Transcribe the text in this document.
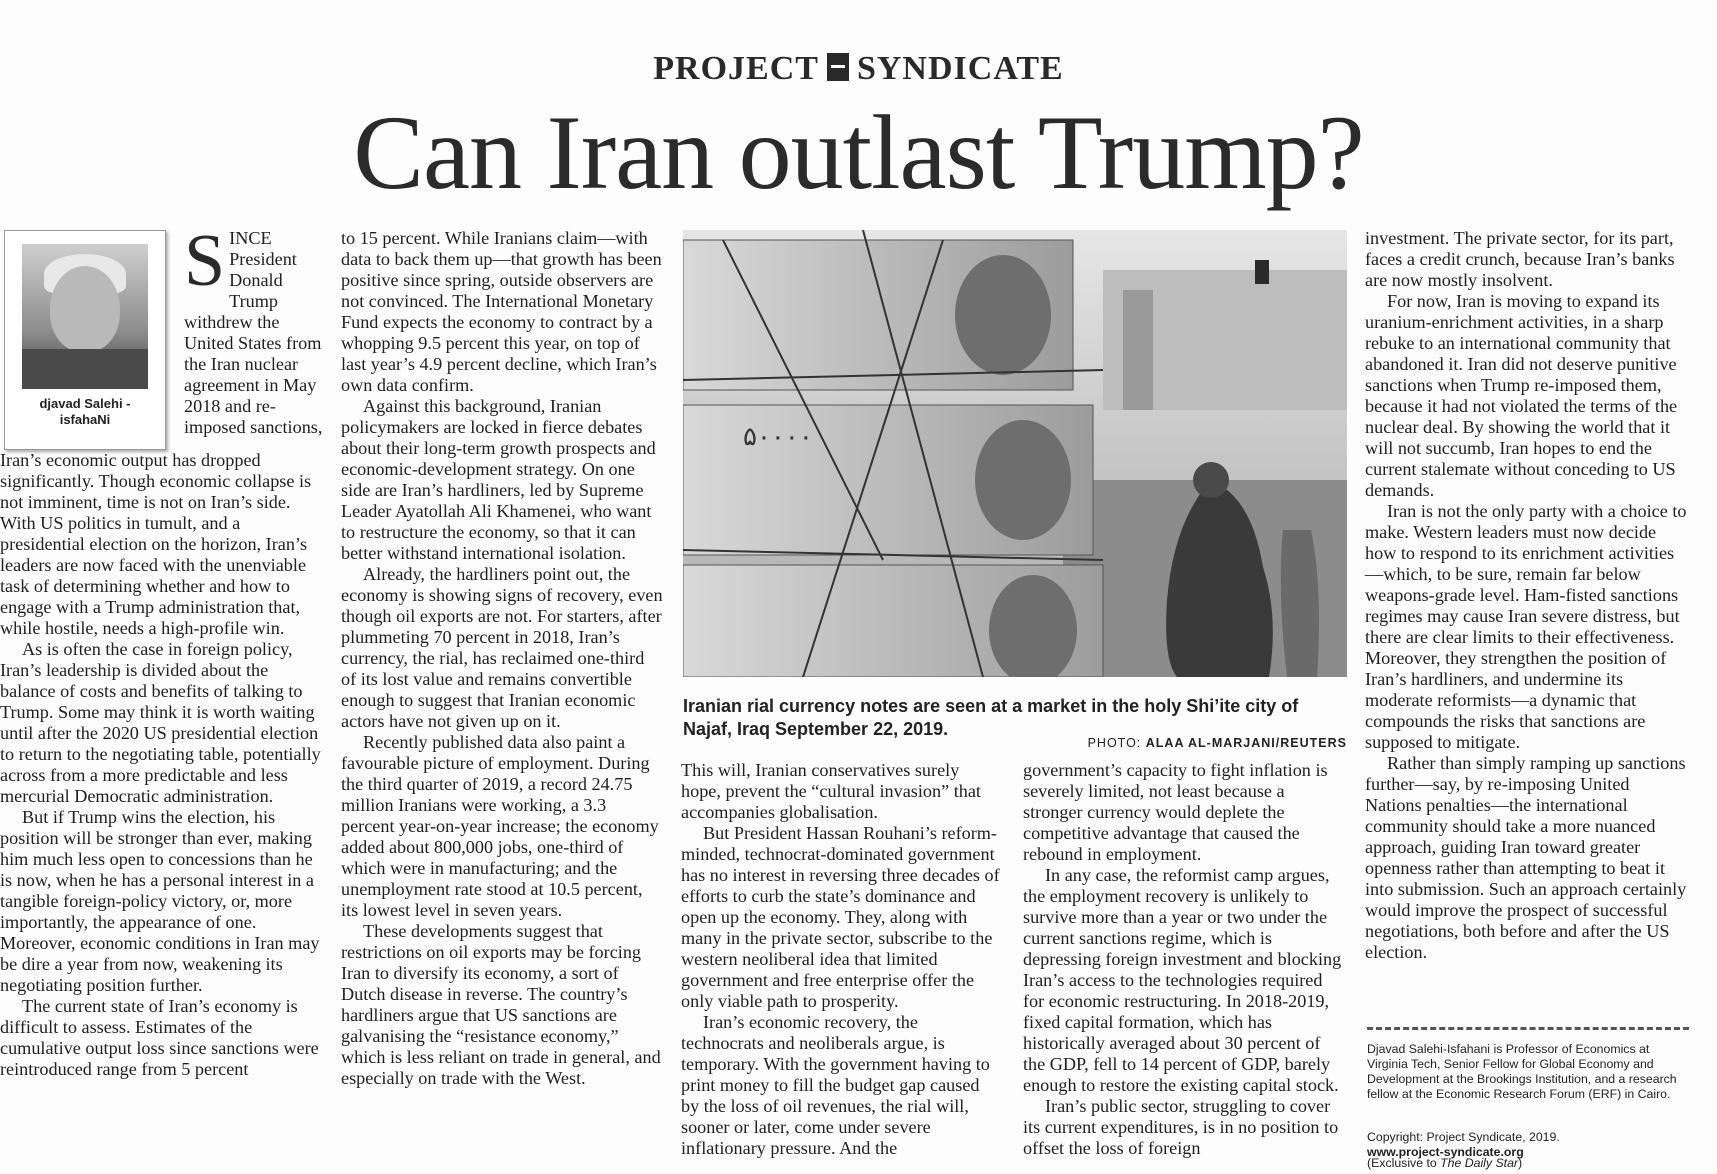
PROJECT SYNDICATE
Can Iran outlast Trump?
djavad Salehi -
isfahaNi
SINCE President Donald Trump withdrew the United States from the Iran nuclear agreement in May 2018 and re-imposed sanctions,

Iran’s economic output has dropped significantly. Though economic collapse is not imminent, time is not on Iran’s side. With US politics in tumult, and a presidential election on the horizon, Iran’s leaders are now faced with the unenviable task of determining whether and how to engage with a Trump administration that, while hostile, needs a high-profile win.

As is often the case in foreign policy, Iran’s leadership is divided about the balance of costs and benefits of talking to Trump. Some may think it is worth waiting until after the 2020 US presidential election to return to the negotiating table, potentially across from a more predictable and less mercurial Democratic administration.

But if Trump wins the election, his position will be stronger than ever, making him much less open to concessions than he is now, when he has a personal interest in a tangible foreign-policy victory, or, more importantly, the appearance of one. Moreover, economic conditions in Iran may be dire a year from now, weakening its negotiating position further.

The current state of Iran’s economy is difficult to assess. Estimates of the cumulative output loss since sanctions were reintroduced range from 5 percent

to 15 percent. While Iranians claim—with data to back them up—that growth has been positive since spring, outside observers are not convinced. The International Monetary Fund expects the economy to contract by a whopping 9.5 percent this year, on top of last year’s 4.9 percent decline, which Iran’s own data confirm.

Against this background, Iranian policymakers are locked in fierce debates about their long-term growth prospects and economic-development strategy. On one side are Iran’s hardliners, led by Supreme Leader Ayatollah Ali Khamenei, who want to restructure the economy, so that it can better withstand international isolation.

Already, the hardliners point out, the economy is showing signs of recovery, even though oil exports are not. For starters, after plummeting 70 percent in 2018, Iran’s currency, the rial, has reclaimed one-third of its lost value and remains convertible enough to suggest that Iranian economic actors have not given up on it.

Recently published data also paint a favourable picture of employment. During the third quarter of 2019, a record 24.75 million Iranians were working, a 3.3 percent year-on-year increase; the economy added about 800,000 jobs, one-third of which were in manufacturing; and the unemployment rate stood at 10.5 percent, its lowest level in seven years.

These developments suggest that restrictions on oil exports may be forcing Iran to diversify its economy, a sort of Dutch disease in reverse. The country’s hardliners argue that US sanctions are galvanising the “resistance economy,” which is less reliant on trade in general, and especially on trade with the West.

۵۰۰۰۰
Iranian rial currency notes are seen at a market in the holy Shi’ite city of Najaf, Iraq September 22, 2019.
PHOTO: ALAA AL-MARJANI/REUTERS

This will, Iranian conservatives surely hope, prevent the “cultural invasion” that accompanies globalisation.

But President Hassan Rouhani’s reform-minded, technocrat-dominated government has no interest in reversing three decades of efforts to curb the state’s dominance and open up the economy. They, along with many in the private sector, subscribe to the western neoliberal idea that limited government and free enterprise offer the only viable path to prosperity.

Iran’s economic recovery, the technocrats and neoliberals argue, is temporary. With the government having to print money to fill the budget gap caused by the loss of oil revenues, the rial will, sooner or later, come under severe inflationary pressure. And the

government’s capacity to fight inflation is severely limited, not least because a stronger currency would deplete the competitive advantage that caused the rebound in employment.

In any case, the reformist camp argues, the employment recovery is unlikely to survive more than a year or two under the current sanctions regime, which is depressing foreign investment and blocking Iran’s access to the technologies required for economic restructuring. In 2018-2019, fixed capital formation, which has historically averaged about 30 percent of the GDP, fell to 14 percent of GDP, barely enough to restore the existing capital stock.

Iran’s public sector, struggling to cover its current expenditures, is in no position to offset the loss of foreign

investment. The private sector, for its part, faces a credit crunch, because Iran’s banks are now mostly insolvent.

For now, Iran is moving to expand its uranium-enrichment activities, in a sharp rebuke to an international community that abandoned it. Iran did not deserve punitive sanctions when Trump re-imposed them, because it had not violated the terms of the nuclear deal. By showing the world that it will not succumb, Iran hopes to end the current stalemate without conceding to US demands.

Iran is not the only party with a choice to make. Western leaders must now decide how to respond to its enrichment activities—which, to be sure, remain far below weapons-grade level. Ham-fisted sanctions regimes may cause Iran severe distress, but there are clear limits to their effectiveness. Moreover, they strengthen the position of Iran’s hardliners, and undermine its moderate reformists—a dynamic that compounds the risks that sanctions are supposed to mitigate.

Rather than simply ramping up sanctions further—say, by re-imposing United Nations penalties—the international community should take a more nuanced approach, guiding Iran toward greater openness rather than attempting to beat it into submission. Such an approach certainly would improve the prospect of successful negotiations, both before and after the US election.

Djavad Salehi-Isfahani is Professor of Economics at Virginia Tech, Senior Fellow for Global Economy and Development at the Brookings Institution, and a research fellow at the Economic Research Forum (ERF) in Cairo.
Copyright: Project Syndicate, 2019.
www.project-syndicate.org
(Exclusive to The Daily Star)
